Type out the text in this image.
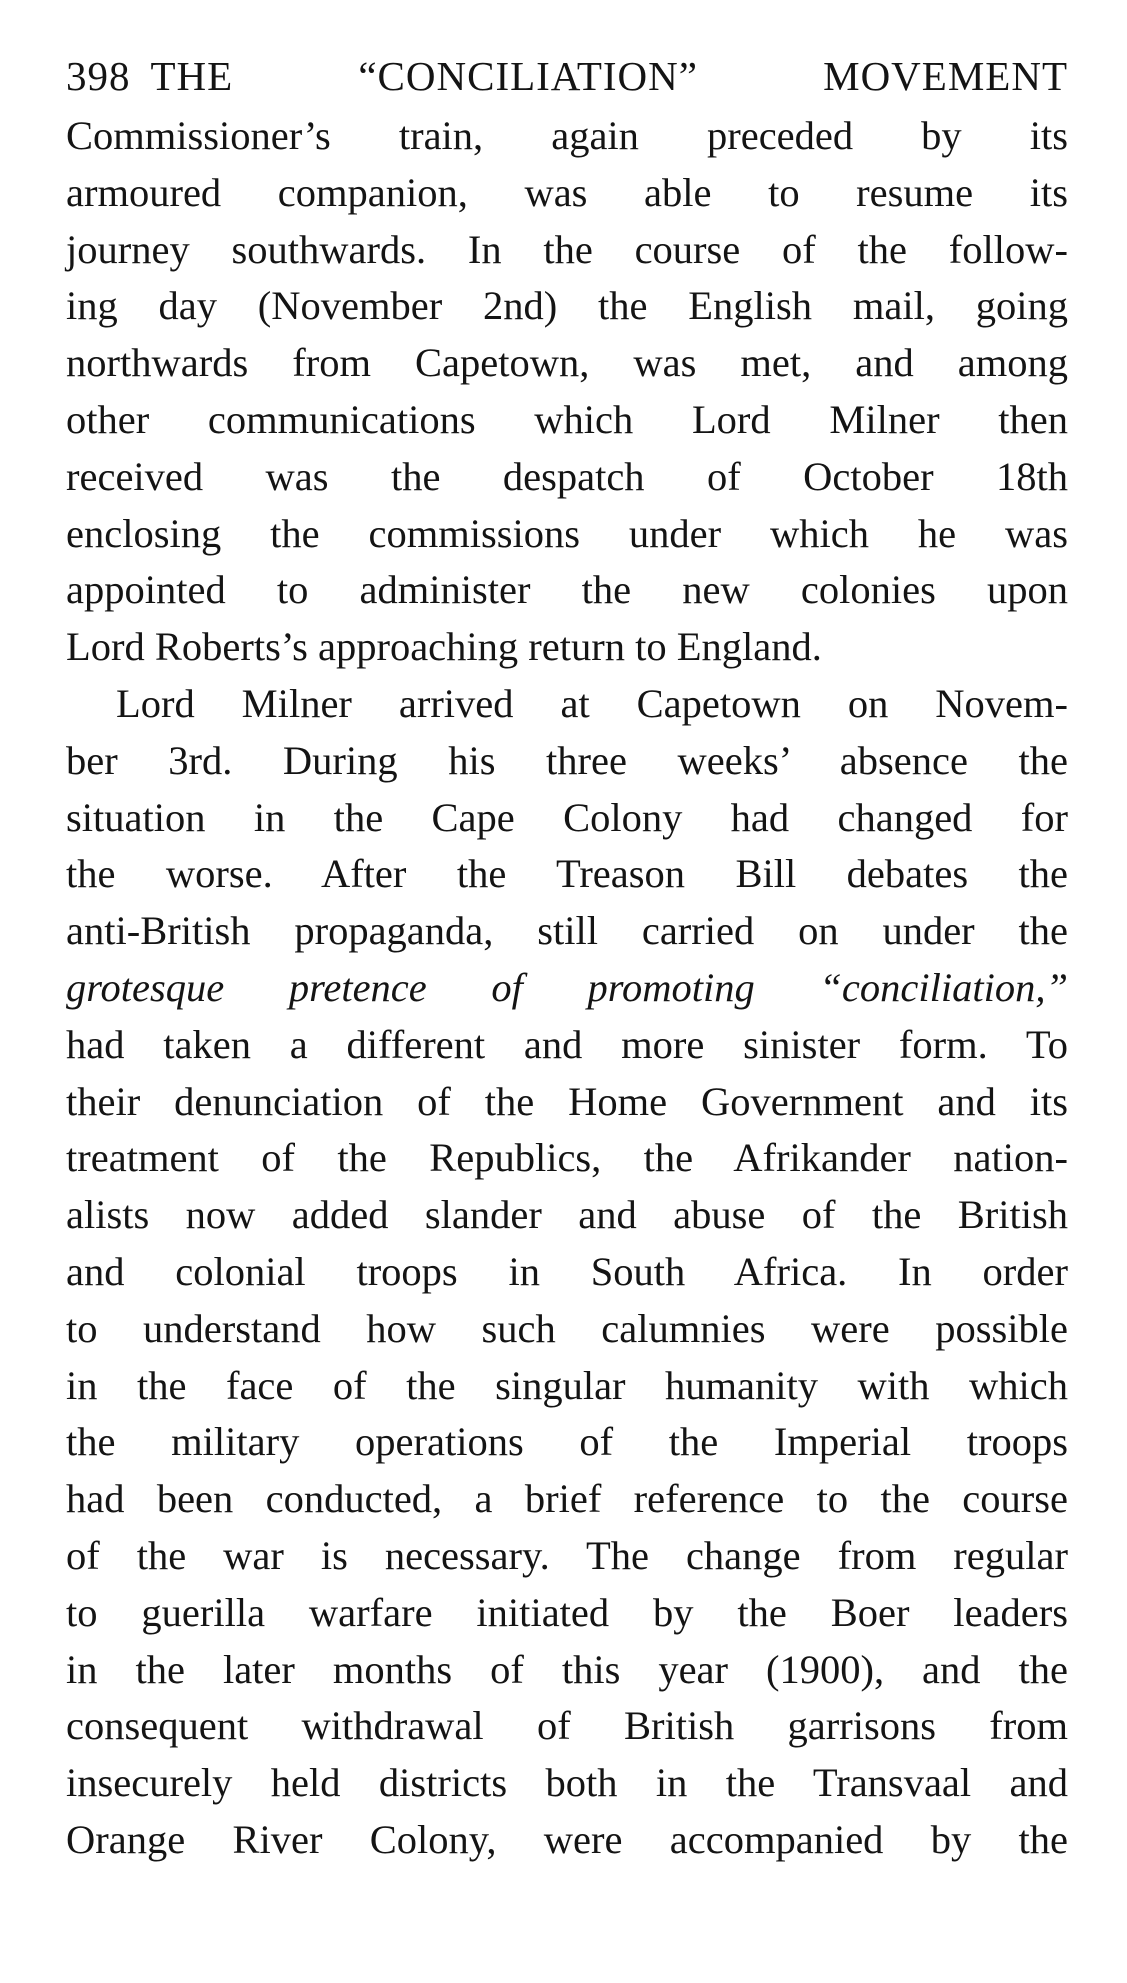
398 THE “CONCILIATION” MOVEMENT
Commissioner’s train, again preceded by its
armoured companion, was able to resume its
journey southwards. In the course of the follow-
ing day (November 2nd) the English mail, going
northwards from Capetown, was met, and among
other communications which Lord Milner then
received was the despatch of October 18th
enclosing the commissions under which he was
appointed to administer the new colonies upon
Lord Roberts’s approaching return to England.
Lord Milner arrived at Capetown on Novem-
ber 3rd. During his three weeks’ absence the
situation in the Cape Colony had changed for
the worse. After the Treason Bill debates the
anti-British propaganda, still carried on under the
grotesque pretence of promoting “conciliation,”
had taken a different and more sinister form. To
their denunciation of the Home Government and its
treatment of the Republics, the Afrikander nation-
alists now added slander and abuse of the British
and colonial troops in South Africa. In order
to understand how such calumnies were possible
in the face of the singular humanity with which
the military operations of the Imperial troops
had been conducted, a brief reference to the course
of the war is necessary. The change from regular
to guerilla warfare initiated by the Boer leaders
in the later months of this year (1900), and the
consequent withdrawal of British garrisons from
insecurely held districts both in the Transvaal and
Orange River Colony, were accompanied by the
